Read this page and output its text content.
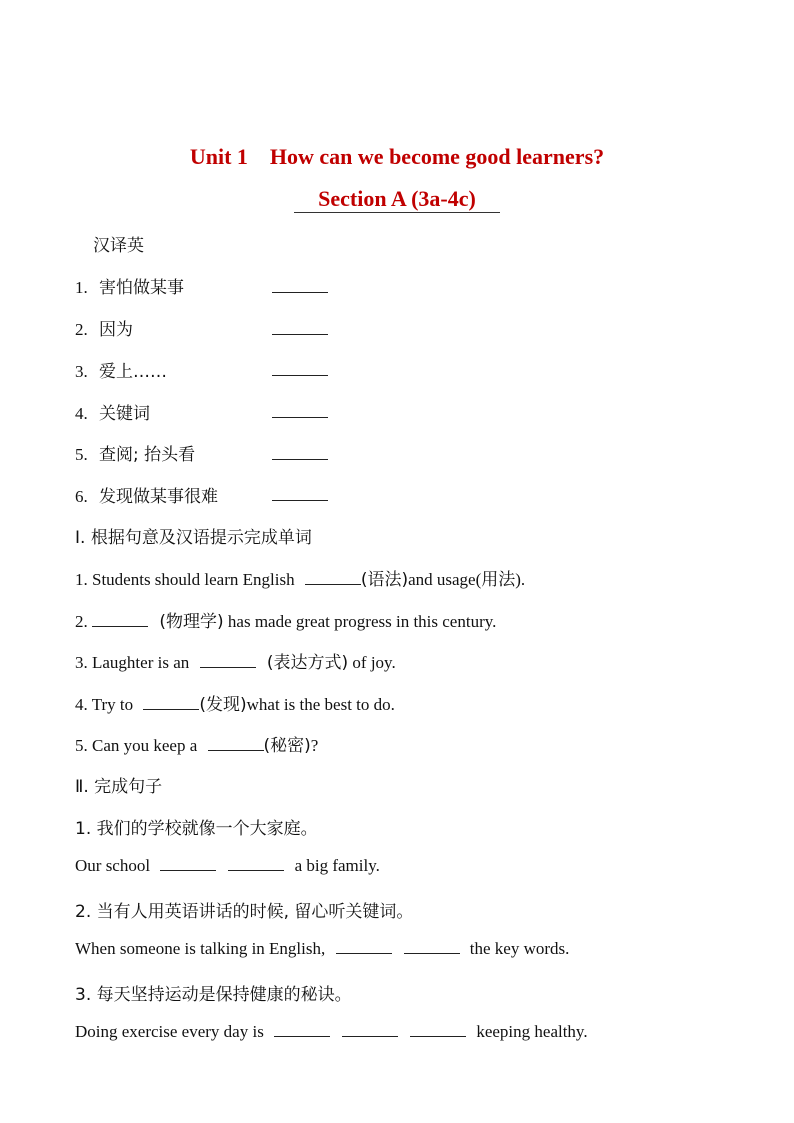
Unit 1    How can we become good learners?
Section A (3a-4c)
汉译英
1. 害怕做某事
2. 因为
3. 爱上……
4. 关键词
5. 查阅; 抬头看
6. 发现做某事很难
Ⅰ. 根据句意及汉语提示完成单词
1. Students should learn English	(语法)and usage(用法).
2.	(物理学) has made great progress in this century.
3. Laughter is an	(表达方式) of joy.
4. Try to	(发现)what is the best to do.
5. Can you keep a	(秘密)?
Ⅱ. 完成句子
1. 我们的学校就像一个大家庭。
Our school	a big family.
2. 当有人用英语讲话的时候, 留心听关键词。
When someone is talking in English,	the key words.
3. 每天坚持运动是保持健康的秘诀。
Doing exercise every day is	keeping healthy.
